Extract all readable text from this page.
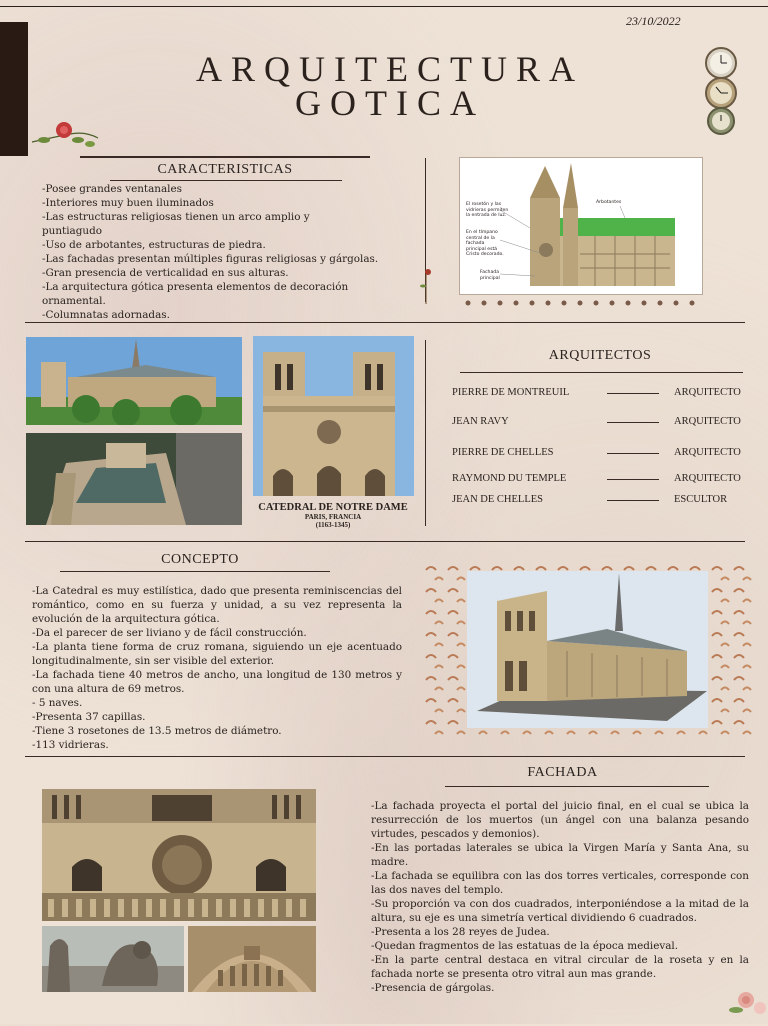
23/10/2022
ARQUITECTURA
GOTICA
CARACTERISTICAS
-Posee grandes ventanales
-Interiores muy buen iluminados
-Las estructuras religiosas tienen un arco amplio y
puntiagudo
-Uso de arbotantes, estructuras de piedra.
-Las fachadas presentan múltiples figuras religiosas y gárgolas.
-Gran presencia de verticalidad en sus alturas.
-La arquitectura gótica presenta elementos de decoración
ornamental.
-Columnatas adornadas.
El rosetón y las vidrieras permiten la entrada de luz.
En el tímpano central de la fachada principal está Cristo decorado.
Fachada principal
Arbotantes
CATEDRAL DE NOTRE DAME
PARIS, FRANCIA
(1163-1345)
ARQUITECTOS
PIERRE DE MONTREUIL	ARQUITECTO
JEAN RAVY	ARQUITECTO
PIERRE DE CHELLES	ARQUITECTO
RAYMOND DU TEMPLE	ARQUITECTO
JEAN DE CHELLES	ESCULTOR
CONCEPTO
-La Catedral es muy estilística, dado que presenta reminiscencias del romántico, como en su fuerza y unidad, a su vez representa la evolución de la arquitectura gótica.
-Da el parecer de ser liviano y de fácil construcción.
-La planta tiene forma de cruz romana, siguiendo un eje acentuado longitudinalmente, sin ser visible del exterior.
-La fachada tiene 40 metros de ancho, una longitud de 130 metros y con una altura de 69 metros.
- 5 naves.
-Presenta 37 capillas.
-Tiene 3 rosetones de 13.5 metros de diámetro.
-113 vidrieras.
FACHADA
-La fachada proyecta el portal del juicio final, en el cual se ubica la resurrección de los muertos (un ángel con una balanza pesando virtudes, pescados y demonios).
-En las portadas laterales se ubica la Virgen María y Santa Ana, su madre.
-La fachada se equilibra con las dos torres verticales, corresponde con las dos naves del templo.
-Su proporción va con dos cuadrados, interponiéndose a la mitad de la altura, su eje es una simetría vertical dividiendo 6 cuadrados.
-Presenta a los 28 reyes de Judea.
-Quedan fragmentos de las estatuas de la época medieval.
-En la parte central destaca en vitral circular de la roseta y en la fachada norte se presenta otro vitral aun mas grande.
-Presencia de gárgolas.
